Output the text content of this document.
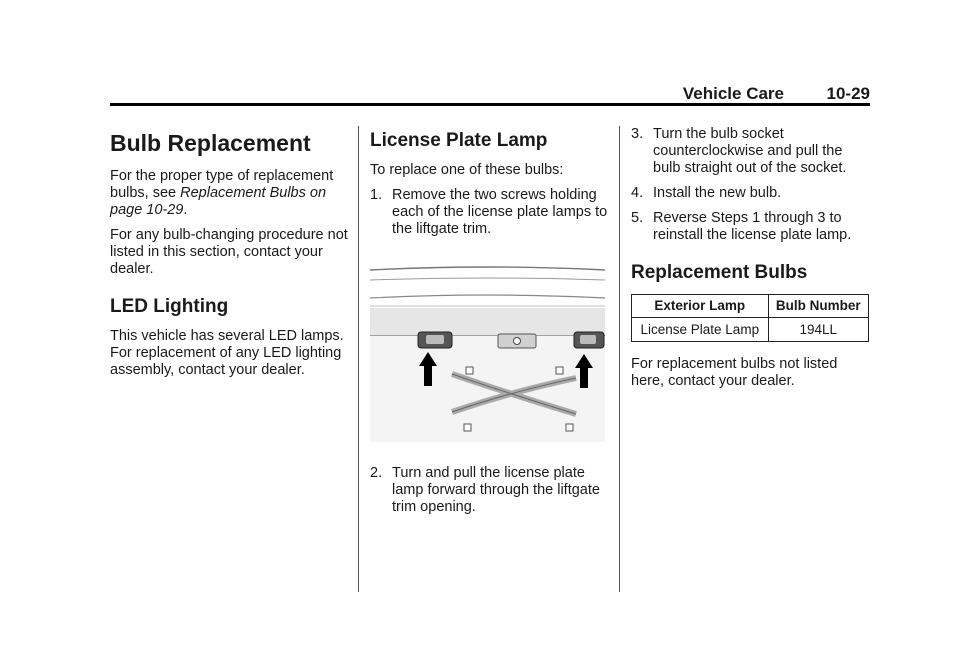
Vehicle Care	10-29
Bulb Replacement

For the proper type of replacement bulbs, see Replacement Bulbs on page 10-29.

For any bulb-changing procedure not listed in this section, contact your dealer.

LED Lighting

This vehicle has several LED lamps. For replacement of any LED lighting assembly, contact your dealer.

License Plate Lamp

To replace one of these bulbs:

1. Remove the two screws holding each of the license plate lamps to the liftgate trim.
2. Turn and pull the license plate lamp forward through the liftgate trim opening.
3. Turn the bulb socket counterclockwise and pull the bulb straight out of the socket.
4. Install the new bulb.
5. Reverse Steps 1 through 3 to reinstall the license plate lamp.
Replacement Bulbs
Exterior Lamp	Bulb Number
License Plate Lamp	194LL

For replacement bulbs not listed here, contact your dealer.
